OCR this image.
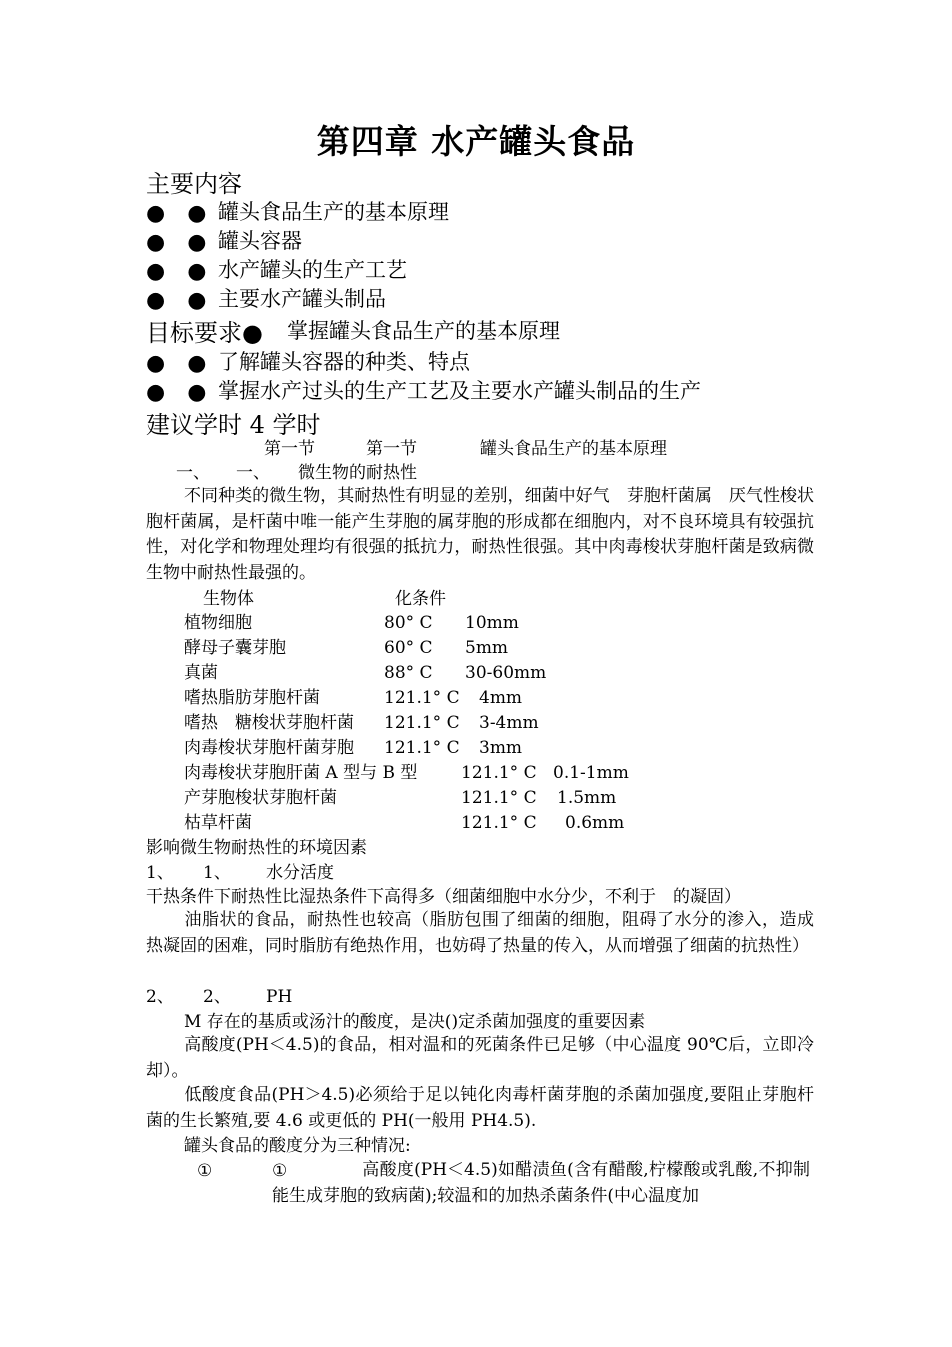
第四章 水产罐头食品
主要内容
●　● 罐头食品生产的基本原理
●　● 罐头容器
●　● 水产罐头的生产工艺
●　● 主要水产罐头制品
目标要求● 掌握罐头食品生产的基本原理
●　● 了解罐头容器的种类、特点
●　● 掌握水产过头的生产工艺及主要水产罐头制品的生产
建议学时 4 学时
第一节	第一节	罐头食品生产的基本原理
一、 一、 微生物的耐热性
不同种类的微生物，其耐热性有明显的差别，细菌中好气　芽胞杆菌属　厌气性梭状胞杆菌属，是杆菌中唯一能产生芽胞的属芽胞的形成都在细胞内，对不良环境具有较强抗性，对化学和物理处理均有很强的抵抗力，耐热性很强。其中肉毒梭状芽胞杆菌是致病微生物中耐热性最强的。
生物体	化条件
植物细胞	80° C 10mm
酵母子囊芽胞	60° C 5mm
真菌	88° C 30-60mm
嗜热脂肪芽胞杆菌	121.1° C 4mm
嗜热　糖梭状芽胞杆菌 121.1° C 3-4mm
肉毒梭状芽胞杆菌芽胞 121.1° C 3mm
肉毒梭状芽胞肝菌 A 型与 B 型	121.1° C 0.1-1mm
产芽胞梭状芽胞杆菌	121.1° C 1.5mm
枯草杆菌	121.1° C 0.6mm
影响微生物耐热性的环境因素
1、 1、 水分活度
干热条件下耐热性比湿热条件下高得多（细菌细胞中水分少，不利于　的凝固）
油脂状的食品，耐热性也较高（脂肪包围了细菌的细胞，阻碍了水分的渗入，造成　热凝固的困难，同时脂肪有绝热作用，也妨碍了热量的传入，从而增强了细菌的抗热性）
2、 2、 PH
M 存在的基质或汤汁的酸度，是决()定杀菌加强度的重要因素
高酸度(PH＜4.5)的食品，相对温和的死菌条件已足够（中心温度 90℃后，立即冷却）。
低酸度食品(PH＞4.5)必须给于足以钝化肉毒杆菌芽胞的杀菌加强度,要阻止芽胞杆菌的生长繁殖,要 4.6 或更低的 PH(一般用 PH4.5).
罐头食品的酸度分为三种情况:
①	①	高酸度(PH＜4.5)如醋渍鱼(含有醋酸,柠檬酸或乳酸,不抑制能生成芽胞的致病菌);较温和的加热杀菌条件(中心温度加
